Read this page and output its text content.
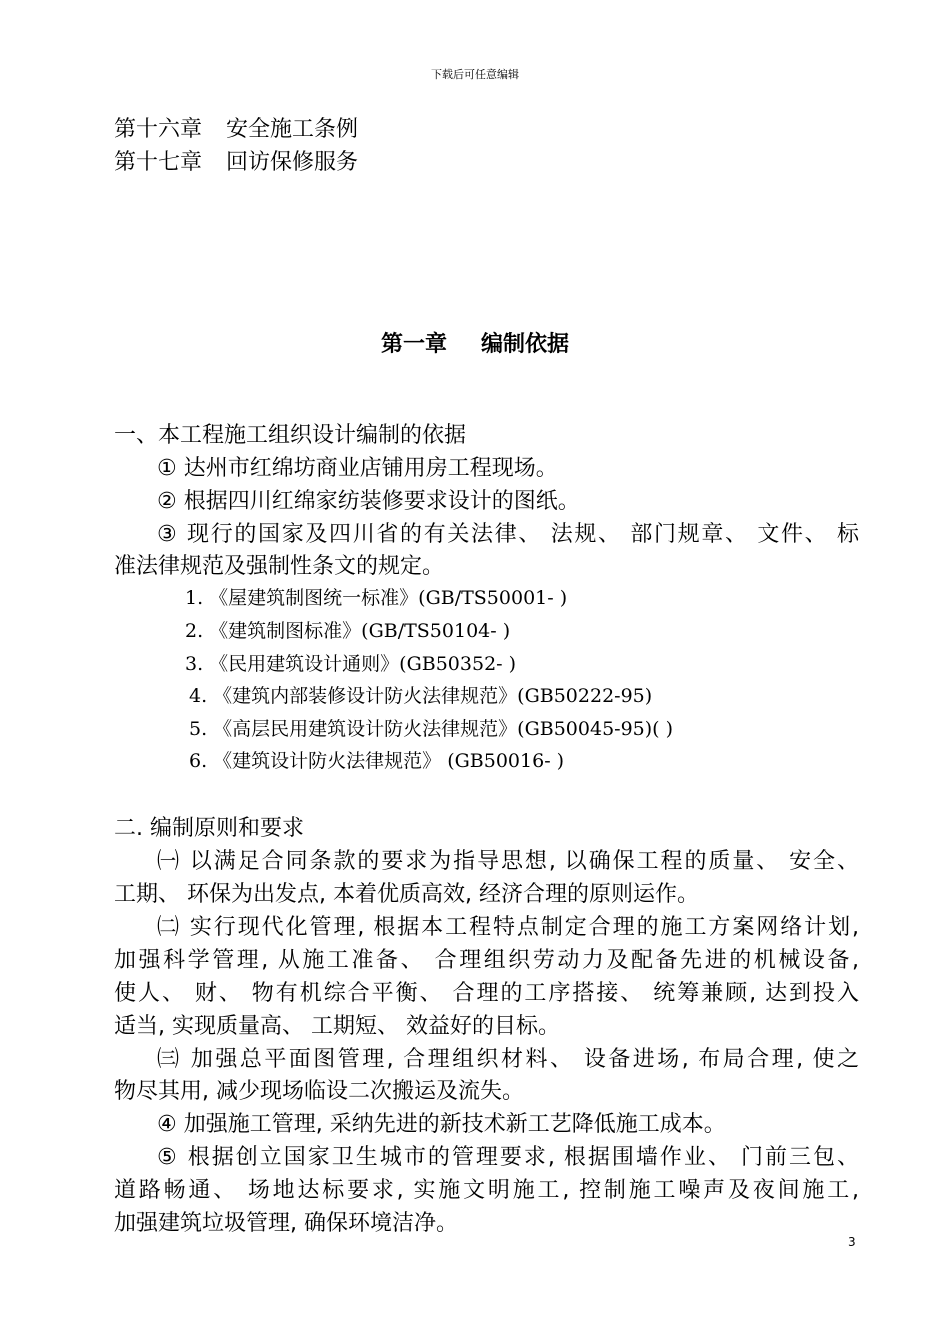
下载后可任意编辑
第十六章 安全施工条例
第十七章 回访保修服务
第一章 编制依据
一、本工程施工组织设计编制的依据
① 达州市红绵坊商业店铺用房工程现场。
② 根据四川红绵家纺装修要求设计的图纸。
③ 现行的国家及四川省的有关法律、 法规、 部门规章、 文件、 标
准法律规范及强制性条文的规定。
1. 《屋建筑制图统一标准》(GB/TS50001- )
2. 《建筑制图标准》(GB/TS50104- )
3. 《民用建筑设计通则》(GB50352- )
4. 《建筑内部装修设计防火法律规范》(GB50222-95)
5. 《高层民用建筑设计防火法律规范》(GB50045-95)( )
6. 《建筑设计防火法律规范》 (GB50016- )
二. 编制原则和要求
㈠ 以满足合同条款的要求为指导思想, 以确保工程的质量、 安全、
工期、 环保为出发点, 本着优质高效, 经济合理的原则运作。
㈡ 实行现代化管理, 根据本工程特点制定合理的施工方案网络计划,
加强科学管理, 从施工准备、 合理组织劳动力及配备先进的机械设备,
使人、 财、 物有机综合平衡、 合理的工序搭接、 统筹兼顾, 达到投入
适当, 实现质量高、 工期短、 效益好的目标。
㈢ 加强总平面图管理, 合理组织材料、 设备进场, 布局合理, 使之
物尽其用, 减少现场临设二次搬运及流失。
④ 加强施工管理, 采纳先进的新技术新工艺降低施工成本。
⑤ 根据创立国家卫生城市的管理要求, 根据围墙作业、 门前三包、
道路畅通、 场地达标要求, 实施文明施工, 控制施工噪声及夜间施工,
加强建筑垃圾管理, 确保环境洁净。
3
